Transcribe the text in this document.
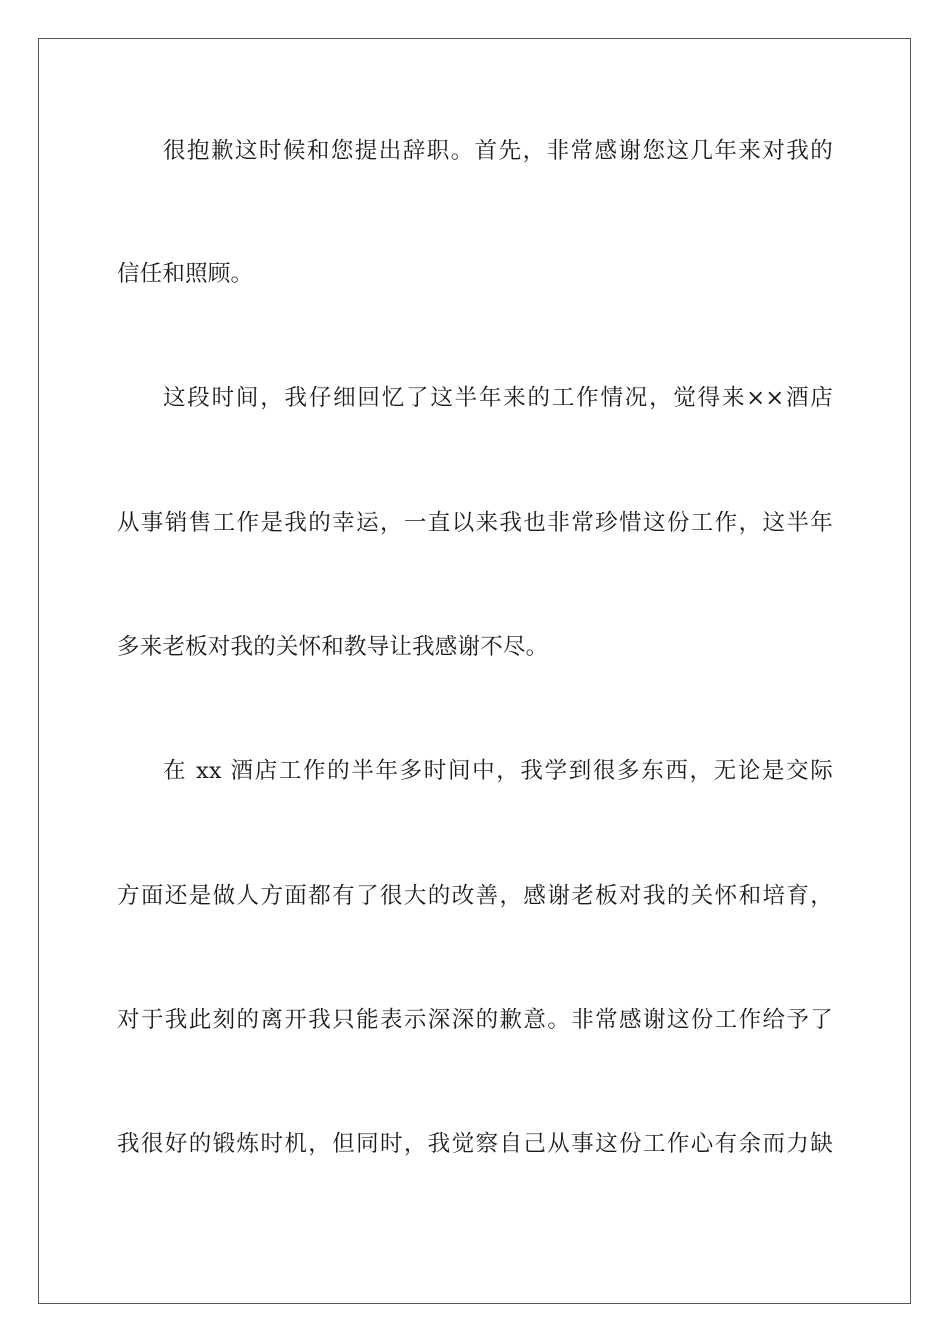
很抱歉这时候和您提出辞职。首先，非常感谢您这几年来对我的
信任和照顾。
这段时间，我仔细回忆了这半年来的工作情况，觉得来××酒店
从事销售工作是我的幸运，一直以来我也非常珍惜这份工作，这半年
多来老板对我的关怀和教导让我感谢不尽。
在 xx 酒店工作的半年多时间中，我学到很多东西，无论是交际
方面还是做人方面都有了很大的改善，感谢老板对我的关怀和培育，
对于我此刻的离开我只能表示深深的歉意。非常感谢这份工作给予了
我很好的锻炼时机，但同时，我觉察自己从事这份工作心有余而力缺
